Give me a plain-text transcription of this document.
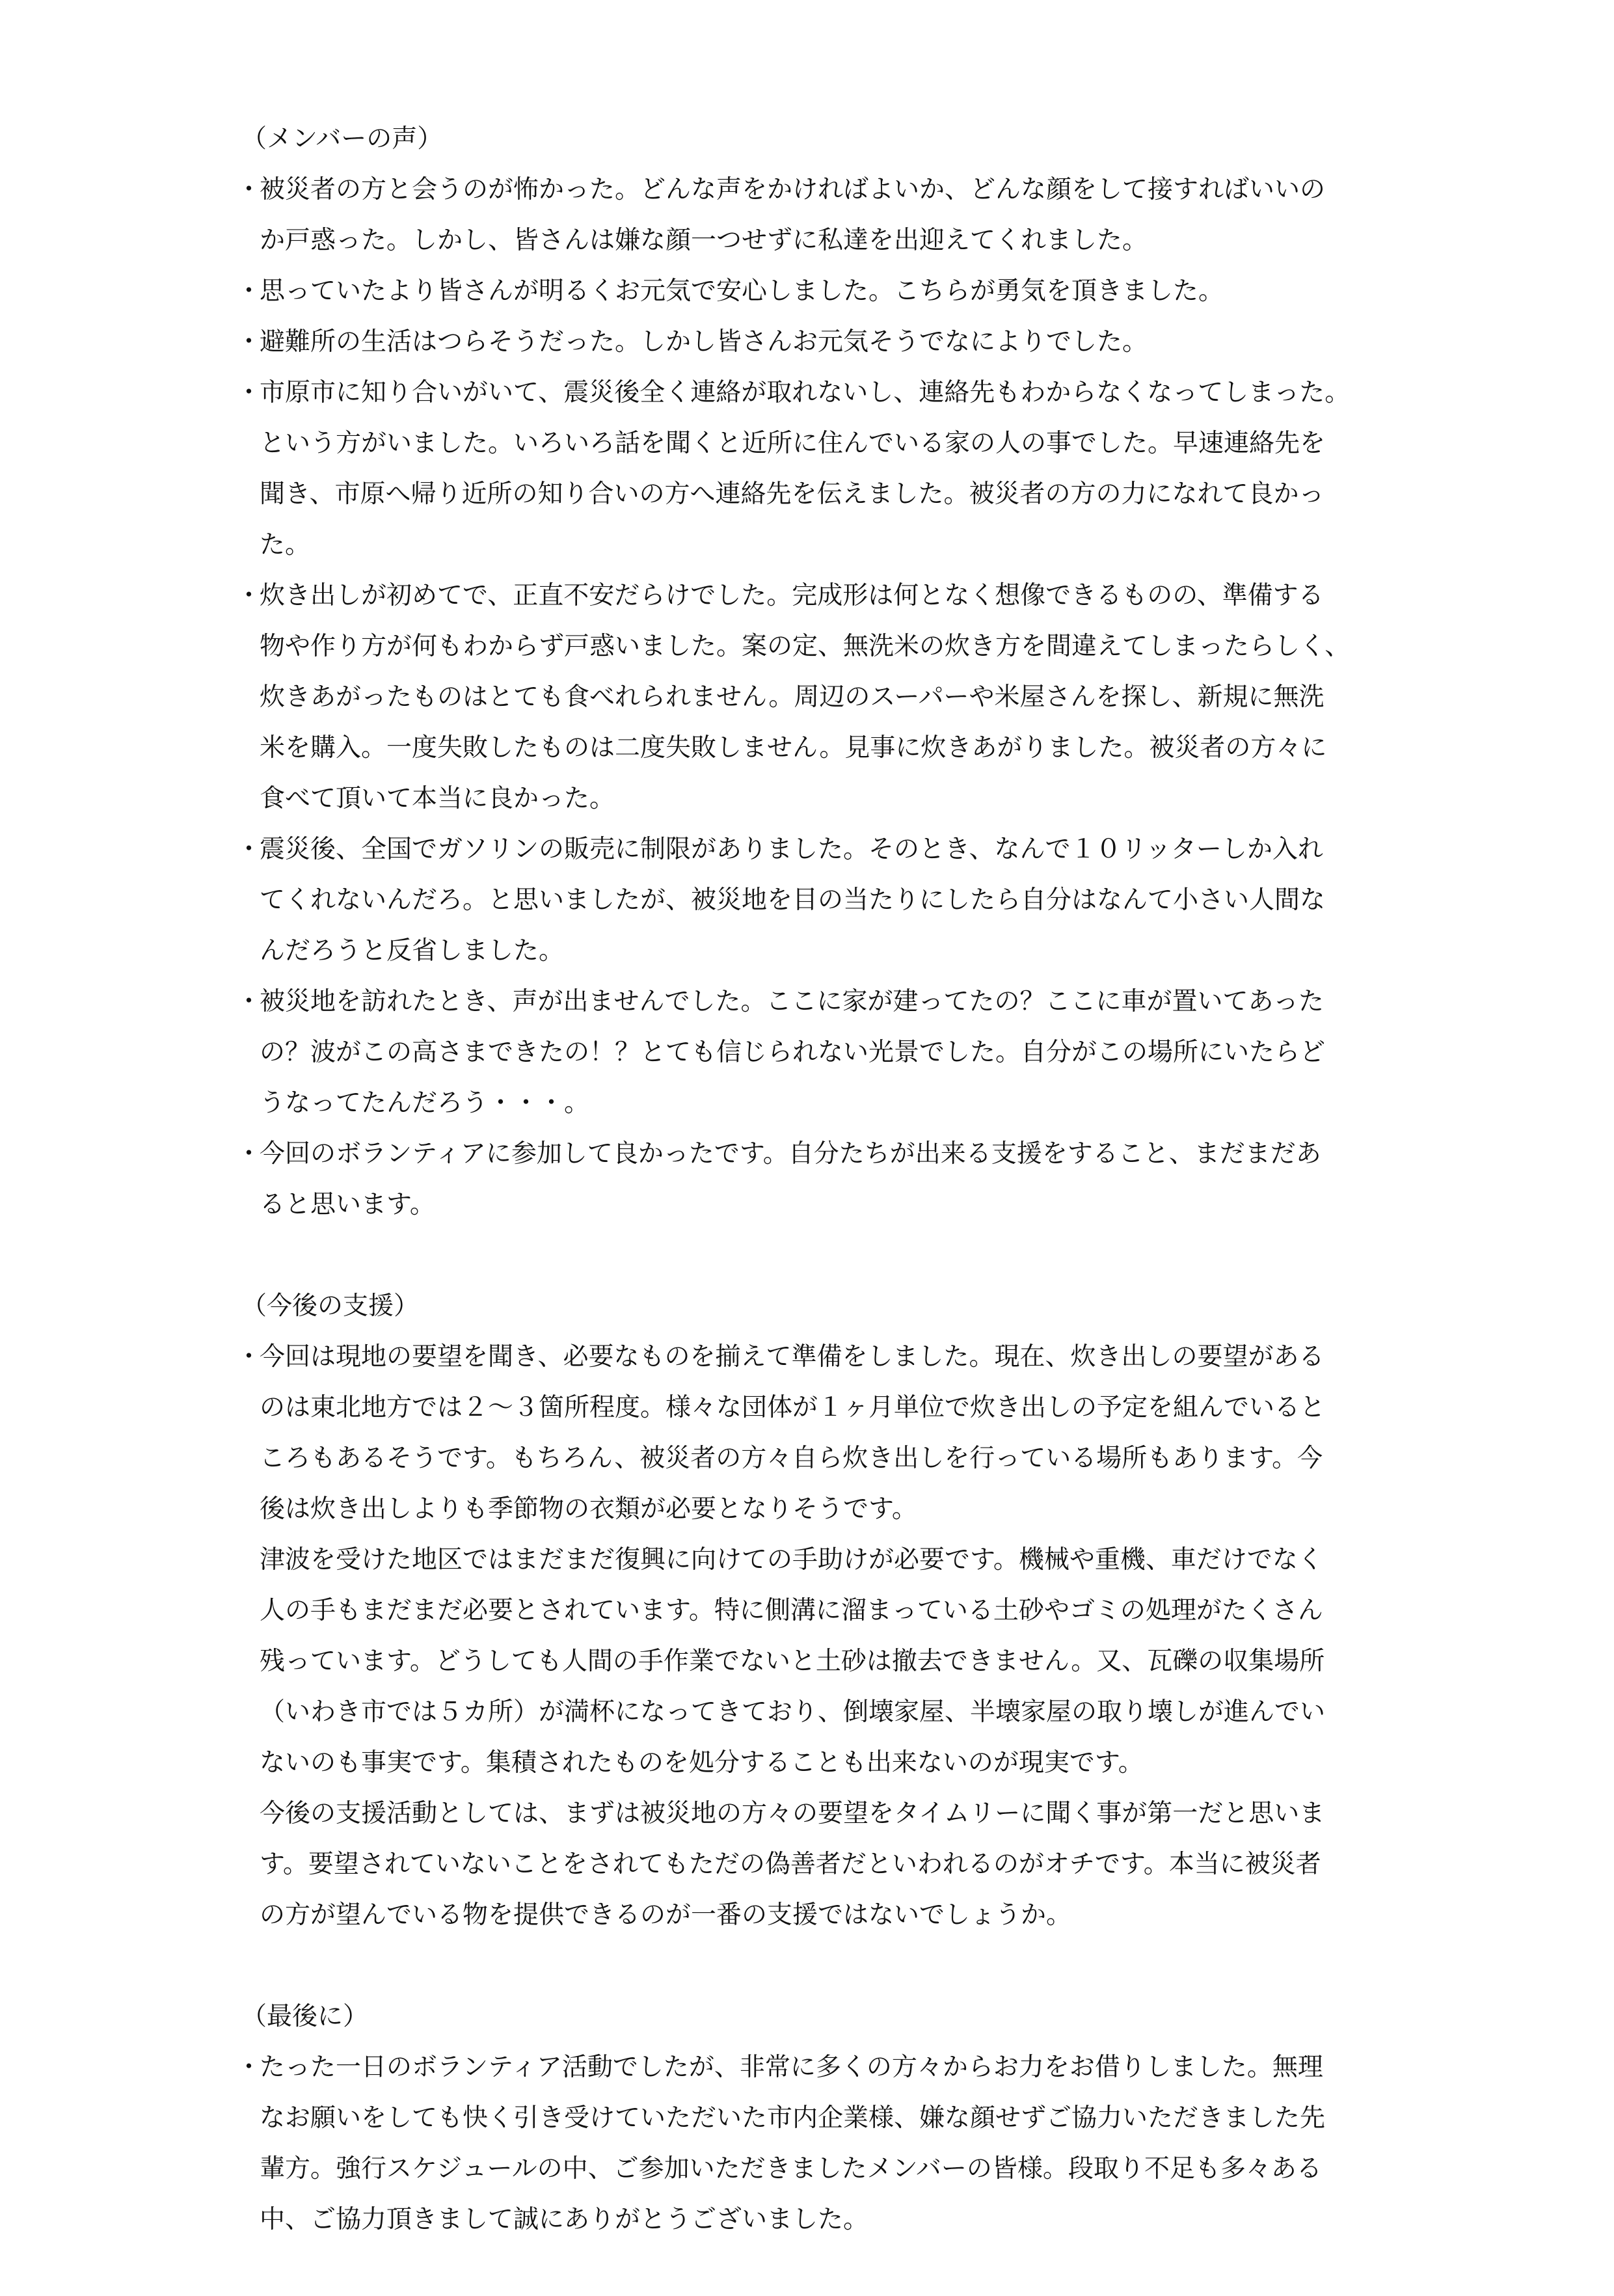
（メンバーの声）
・
被災者の方と会うのが怖かった。どんな声をかければよいか、どんな顔をして接すればいいの
か戸惑った。しかし、皆さんは嫌な顔一つせずに私達を出迎えてくれました。
・
思っていたより皆さんが明るくお元気で安心しました。こちらが勇気を頂きました。
・
避難所の生活はつらそうだった。しかし皆さんお元気そうでなによりでした。
・
市原市に知り合いがいて、震災後全く連絡が取れないし、連絡先もわからなくなってしまった。
という方がいました。いろいろ話を聞くと近所に住んでいる家の人の事でした。早速連絡先を
聞き、市原へ帰り近所の知り合いの方へ連絡先を伝えました。被災者の方の力になれて良かっ
た。
・
炊き出しが初めてで、正直不安だらけでした。完成形は何となく想像できるものの、準備する
物や作り方が何もわからず戸惑いました。案の定、無洗米の炊き方を間違えてしまったらしく、
炊きあがったものはとても食べれられません。周辺のスーパーや米屋さんを探し、新規に無洗
米を購入。一度失敗したものは二度失敗しません。見事に炊きあがりました。被災者の方々に
食べて頂いて本当に良かった。
・
震災後、全国でガソリンの販売に制限がありました。そのとき、なんで１０リッターしか入れ
てくれないんだろ。と思いましたが、被災地を目の当たりにしたら自分はなんて小さい人間な
んだろうと反省しました。
・
被災地を訪れたとき、声が出ませんでした。ここに家が建ってたの？ここに車が置いてあった
の？波がこの高さまできたの！？とても信じられない光景でした。自分がこの場所にいたらど
うなってたんだろう・・・。
・
今回のボランティアに参加して良かったです。自分たちが出来る支援をすること、まだまだあ
ると思います。
（今後の支援）
・
今回は現地の要望を聞き、必要なものを揃えて準備をしました。現在、炊き出しの要望がある
のは東北地方では２～３箇所程度。様々な団体が１ヶ月単位で炊き出しの予定を組んでいると
ころもあるそうです。もちろん、被災者の方々自ら炊き出しを行っている場所もあります。今
後は炊き出しよりも季節物の衣類が必要となりそうです。
津波を受けた地区ではまだまだ復興に向けての手助けが必要です。機械や重機、車だけでなく
人の手もまだまだ必要とされています。特に側溝に溜まっている土砂やゴミの処理がたくさん
残っています。どうしても人間の手作業でないと土砂は撤去できません。又、瓦礫の収集場所
（いわき市では５カ所）が満杯になってきており、倒壊家屋、半壊家屋の取り壊しが進んでい
ないのも事実です。集積されたものを処分することも出来ないのが現実です。
今後の支援活動としては、まずは被災地の方々の要望をタイムリーに聞く事が第一だと思いま
す。要望されていないことをされてもただの偽善者だといわれるのがオチです。本当に被災者
の方が望んでいる物を提供できるのが一番の支援ではないでしょうか。
（最後に）
・
たった一日のボランティア活動でしたが、非常に多くの方々からお力をお借りしました。無理
なお願いをしても快く引き受けていただいた市内企業様、嫌な顔せずご協力いただきました先
輩方。強行スケジュールの中、ご参加いただきましたメンバーの皆様。段取り不足も多々ある
中、ご協力頂きまして誠にありがとうございました。
